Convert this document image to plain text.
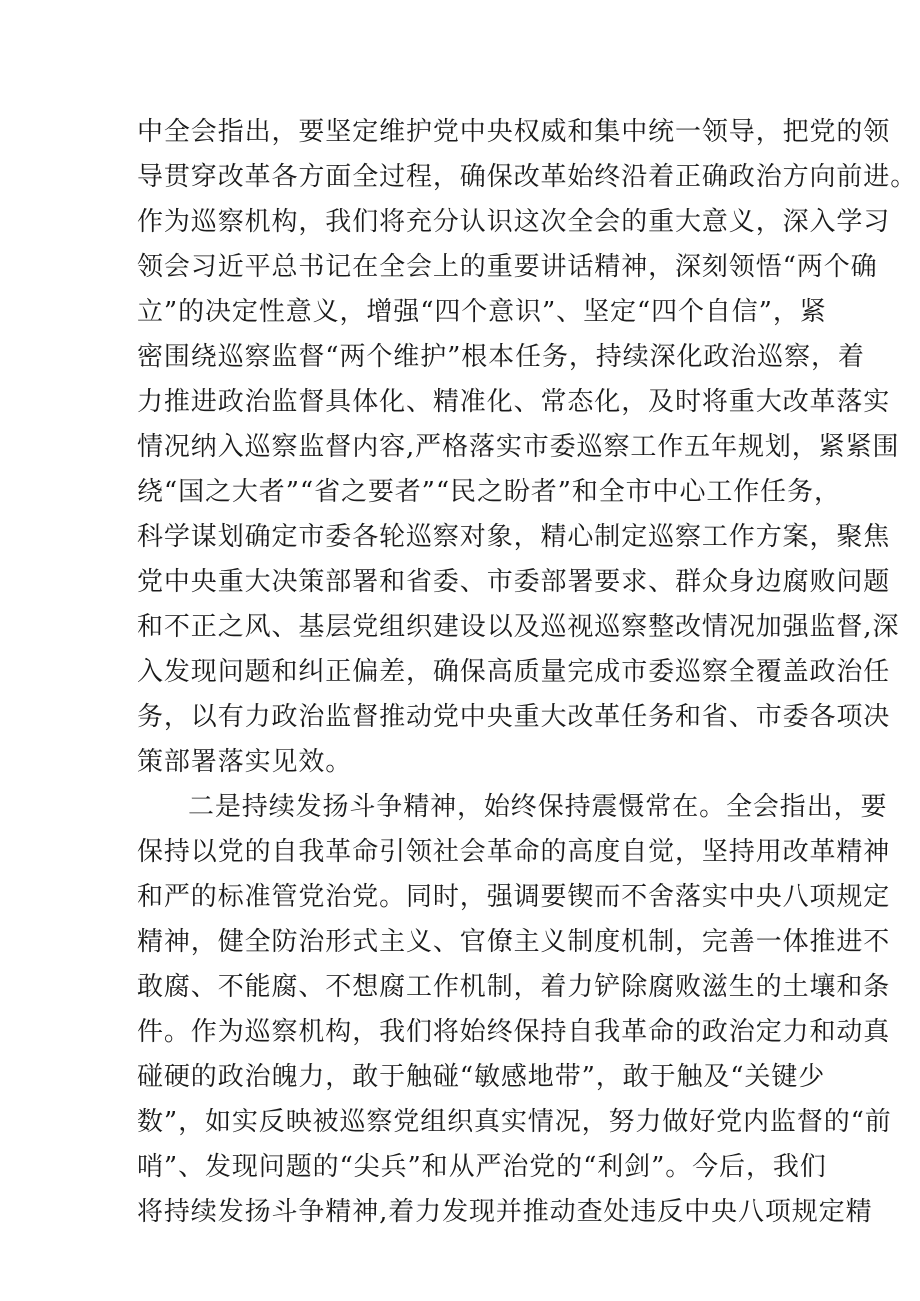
中全会指出，要坚定维护党中央权威和集中统一领导，把党的领
导贯穿改革各方面全过程，确保改革始终沿着正确政治方向前进。
作为巡察机构，我们将充分认识这次全会的重大意义，深入学习
领会习近平总书记在全会上的重要讲话精神，深刻领悟“两个确
立”的决定性意义，增强“四个意识”、坚定“四个自信”，紧
密围绕巡察监督“两个维护”根本任务，持续深化政治巡察，着
力推进政治监督具体化、精准化、常态化，及时将重大改革落实
情况纳入巡察监督内容,严格落实市委巡察工作五年规划，紧紧围
绕“国之大者”“省之要者”“民之盼者”和全市中心工作任务，
科学谋划确定市委各轮巡察对象，精心制定巡察工作方案，聚焦
党中央重大决策部署和省委、市委部署要求、群众身边腐败问题
和不正之风、基层党组织建设以及巡视巡察整改情况加强监督,深
入发现问题和纠正偏差，确保高质量完成市委巡察全覆盖政治任
务，以有力政治监督推动党中央重大改革任务和省、市委各项决
策部署落实见效。
二是持续发扬斗争精神，始终保持震慑常在。全会指出，要
保持以党的自我革命引领社会革命的高度自觉，坚持用改革精神
和严的标准管党治党。同时，强调要锲而不舍落实中央八项规定
精神，健全防治形式主义、官僚主义制度机制，完善一体推进不
敢腐、不能腐、不想腐工作机制，着力铲除腐败滋生的土壤和条
件。作为巡察机构，我们将始终保持自我革命的政治定力和动真
碰硬的政治魄力，敢于触碰“敏感地带”，敢于触及“关键少
数”，如实反映被巡察党组织真实情况，努力做好党内监督的“前
哨”、发现问题的“尖兵”和从严治党的“利剑”。今后，我们
将持续发扬斗争精神,着力发现并推动查处违反中央八项规定精
